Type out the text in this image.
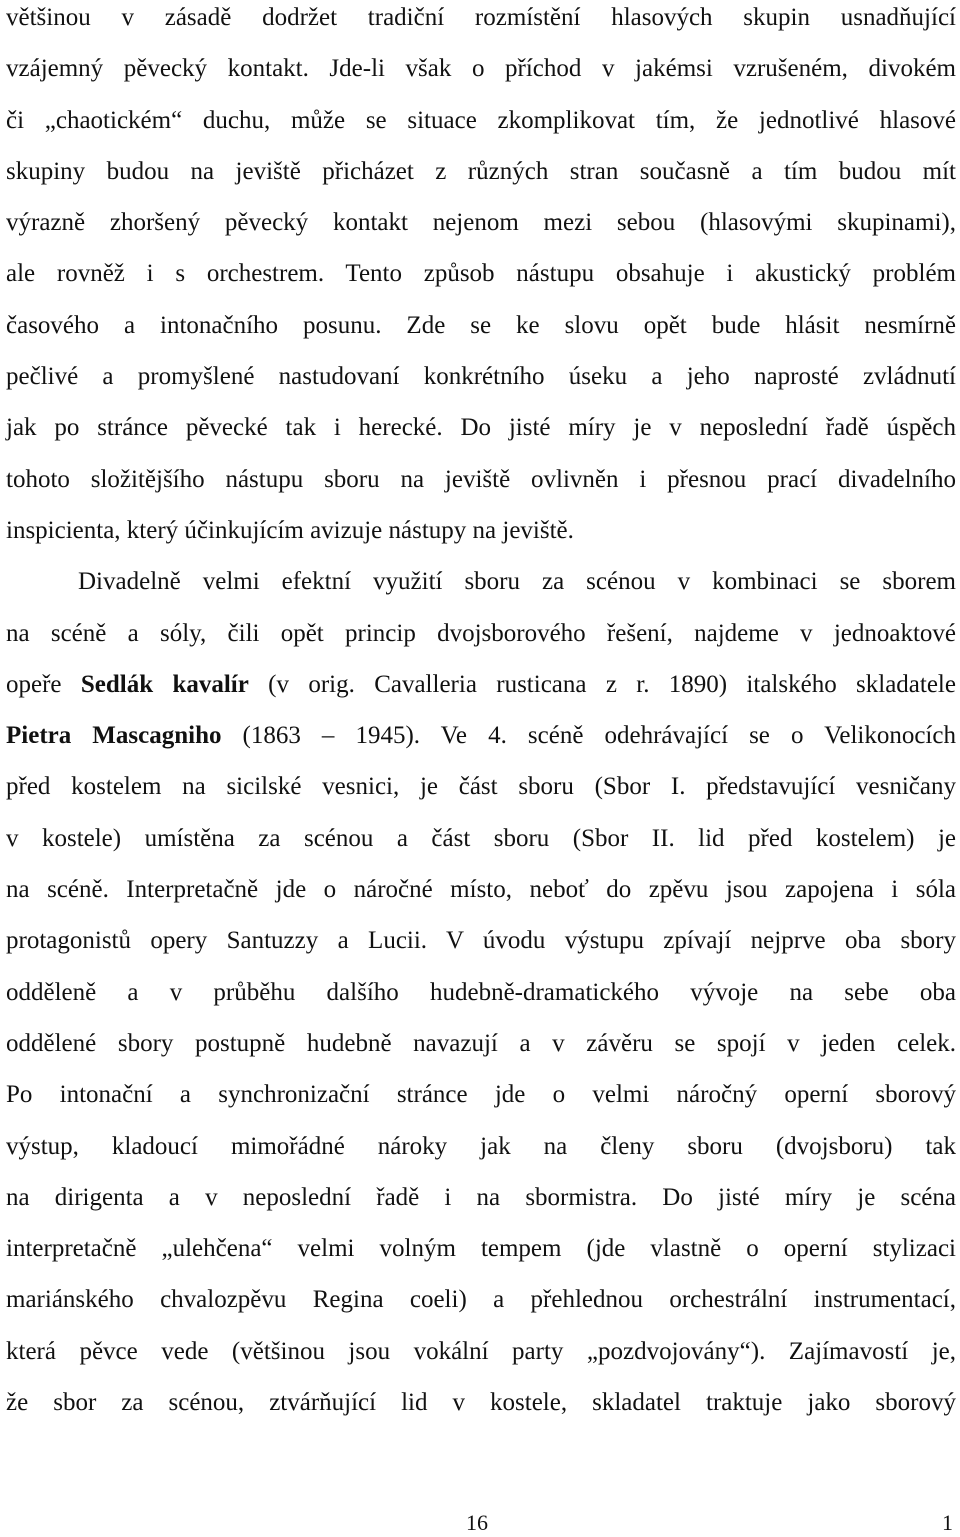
většinou v zásadě dodržet tradiční rozmístění hlasových skupin usnadňující
vzájemný pěvecký kontakt. Jde-li však o příchod v jakémsi vzrušeném, divokém
či „chaotickém“ duchu, může se situace zkomplikovat tím, že jednotlivé hlasové
skupiny budou na jeviště přicházet z různých stran současně a tím budou mít
výrazně zhoršený pěvecký kontakt nejenom mezi sebou (hlasovými skupinami),
ale rovněž i s orchestrem. Tento způsob nástupu obsahuje i akustický problém
časového a intonačního posunu. Zde se ke slovu opět bude hlásit nesmírně
pečlivé a promyšlené nastudovaní konkrétního úseku a jeho naprosté zvládnutí
jak po stránce pěvecké tak i herecké. Do jisté míry je v neposlední řadě úspěch
tohoto složitějšího nástupu sboru na jeviště ovlivněn i přesnou prací divadelního
inspicienta, který účinkujícím avizuje nástupy na jeviště.
Divadelně velmi efektní využití sboru za scénou v kombinaci se sborem
na scéně a sóly, čili opět princip dvojsborového řešení, najdeme v jednoaktové
opeře Sedlák kavalír (v orig. Cavalleria rusticana z r. 1890) italského skladatele
Pietra Mascagniho (1863 – 1945). Ve 4. scéně odehrávající se o Velikonocích
před kostelem na sicilské vesnici, je část sboru (Sbor I. představující vesničany
v kostele) umístěna za scénou a část sboru (Sbor II. lid před kostelem) je
na scéně. Interpretačně jde o náročné místo, neboť do zpěvu jsou zapojena i sóla
protagonistů opery Santuzzy a Lucii. V úvodu výstupu zpívají nejprve oba sbory
odděleně a v průběhu dalšího hudebně-dramatického vývoje na sebe oba
oddělené sbory postupně hudebně navazují a v závěru se spojí v jeden celek.
Po intonační a synchronizační stránce jde o velmi náročný operní sborový
výstup, kladoucí mimořádné nároky jak na členy sboru (dvojsboru) tak
na dirigenta a v neposlední řadě i na sbormistra. Do jisté míry je scéna
interpretačně „ulehčena“ velmi volným tempem (jde vlastně o operní stylizaci
mariánského chvalozpěvu Regina coeli) a přehlednou orchestrální instrumentací,
která pěvce vede (většinou jsou vokální party „pozdvojovány“). Zajímavostí je,
že sbor za scénou, ztvárňující lid v kostele, skladatel traktuje jako sborový
16	1
